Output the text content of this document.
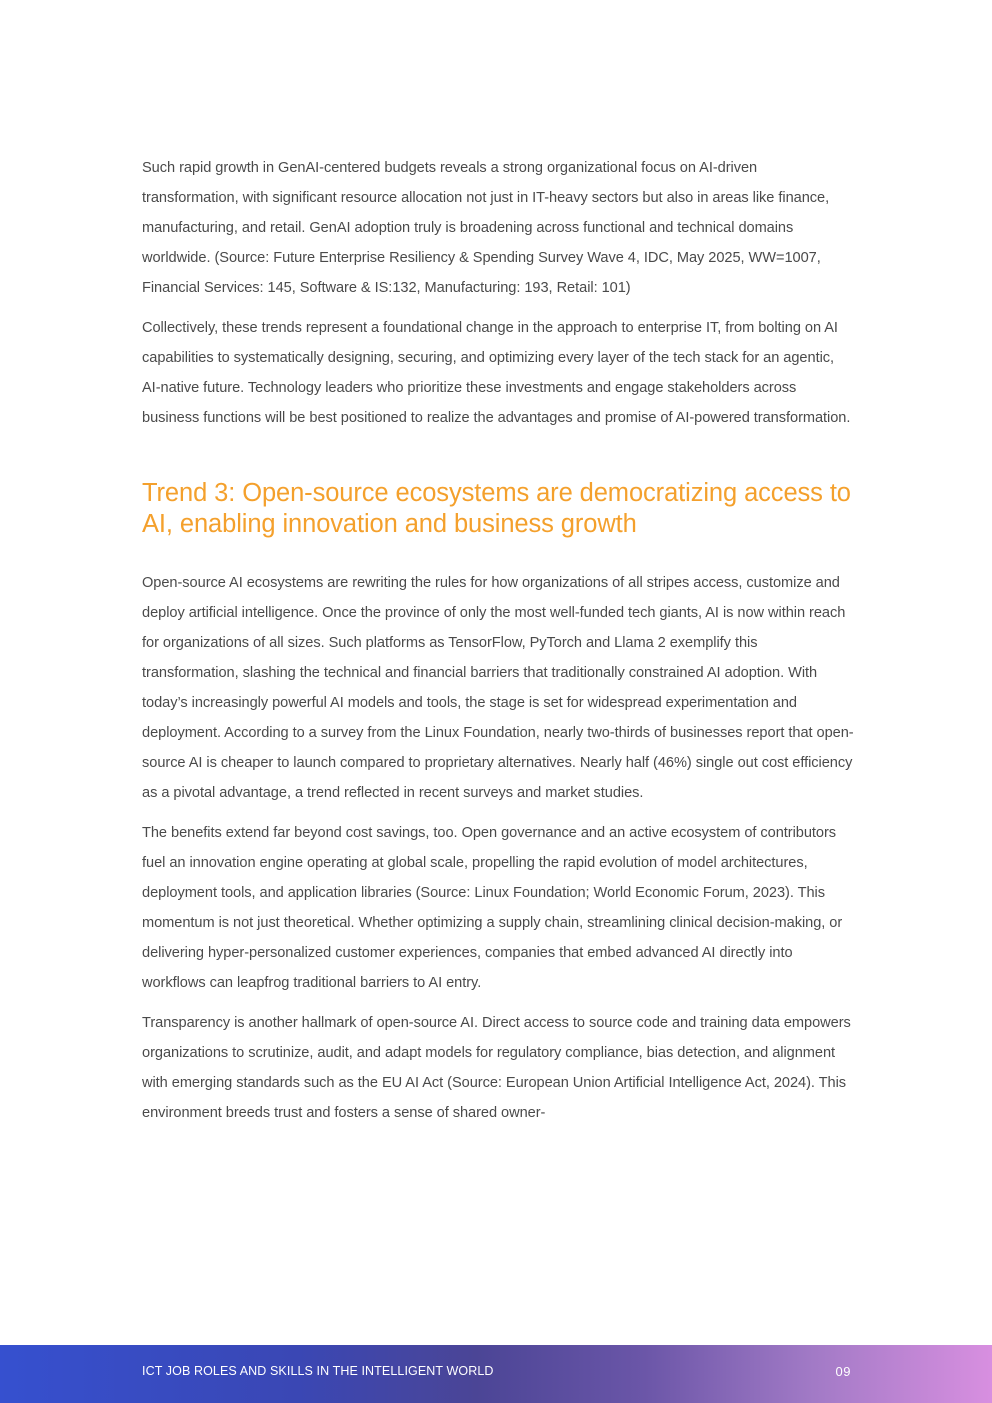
Such rapid growth in GenAI-centered budgets reveals a strong organizational focus on AI-driven transformation, with significant resource allocation not just in IT-heavy sectors but also in areas like finance, manufacturing, and retail. GenAI adoption truly is broadening across functional and technical domains worldwide. (Source: Future Enterprise Resiliency & Spending Survey Wave 4, IDC, May 2025, WW=1007, Financial Services: 145, Software & IS:132, Manufacturing: 193, Retail: 101)

Collectively, these trends represent a foundational change in the approach to enterprise IT, from bolting on AI capabilities to systematically designing, securing, and optimizing every layer of the tech stack for an agentic, AI-native future. Technology leaders who prioritize these investments and engage stakeholders across business functions will be best positioned to realize the advantages and promise of AI-powered transformation.

Trend 3: Open-source ecosystems are democratizing access to AI, enabling innovation and business growth

Open-source AI ecosystems are rewriting the rules for how organizations of all stripes access, customize and deploy artificial intelligence. Once the province of only the most well-funded tech giants, AI is now within reach for organizations of all sizes. Such platforms as TensorFlow, PyTorch and Llama 2 exemplify this transformation, slashing the technical and financial barriers that traditionally constrained AI adoption. With today’s increasingly powerful AI models and tools, the stage is set for widespread experimentation and deployment. According to a survey from the Linux Foundation, nearly two-thirds of businesses report that open-source AI is cheaper to launch compared to proprietary alternatives. Nearly half (46%) single out cost efficiency as a pivotal advantage, a trend reflected in recent surveys and market studies.

The benefits extend far beyond cost savings, too. Open governance and an active ecosystem of contributors fuel an innovation engine operating at global scale, propelling the rapid evolution of model architectures, deployment tools, and application libraries (Source: Linux Foundation; World Economic Forum, 2023). This momentum is not just theoretical. Whether optimizing a supply chain, streamlining clinical decision-making, or delivering hyper-personalized customer experiences, companies that embed advanced AI directly into workflows can leapfrog traditional barriers to AI entry.

Transparency is another hallmark of open-source AI. Direct access to source code and training data empowers organizations to scrutinize, audit, and adapt models for regulatory compliance, bias detection, and alignment with emerging standards such as the EU AI Act (Source: European Union Artificial Intelligence Act, 2024). This environment breeds trust and fosters a sense of shared owner-

ICT JOB ROLES AND SKILLS IN THE INTELLIGENT WORLD	09
